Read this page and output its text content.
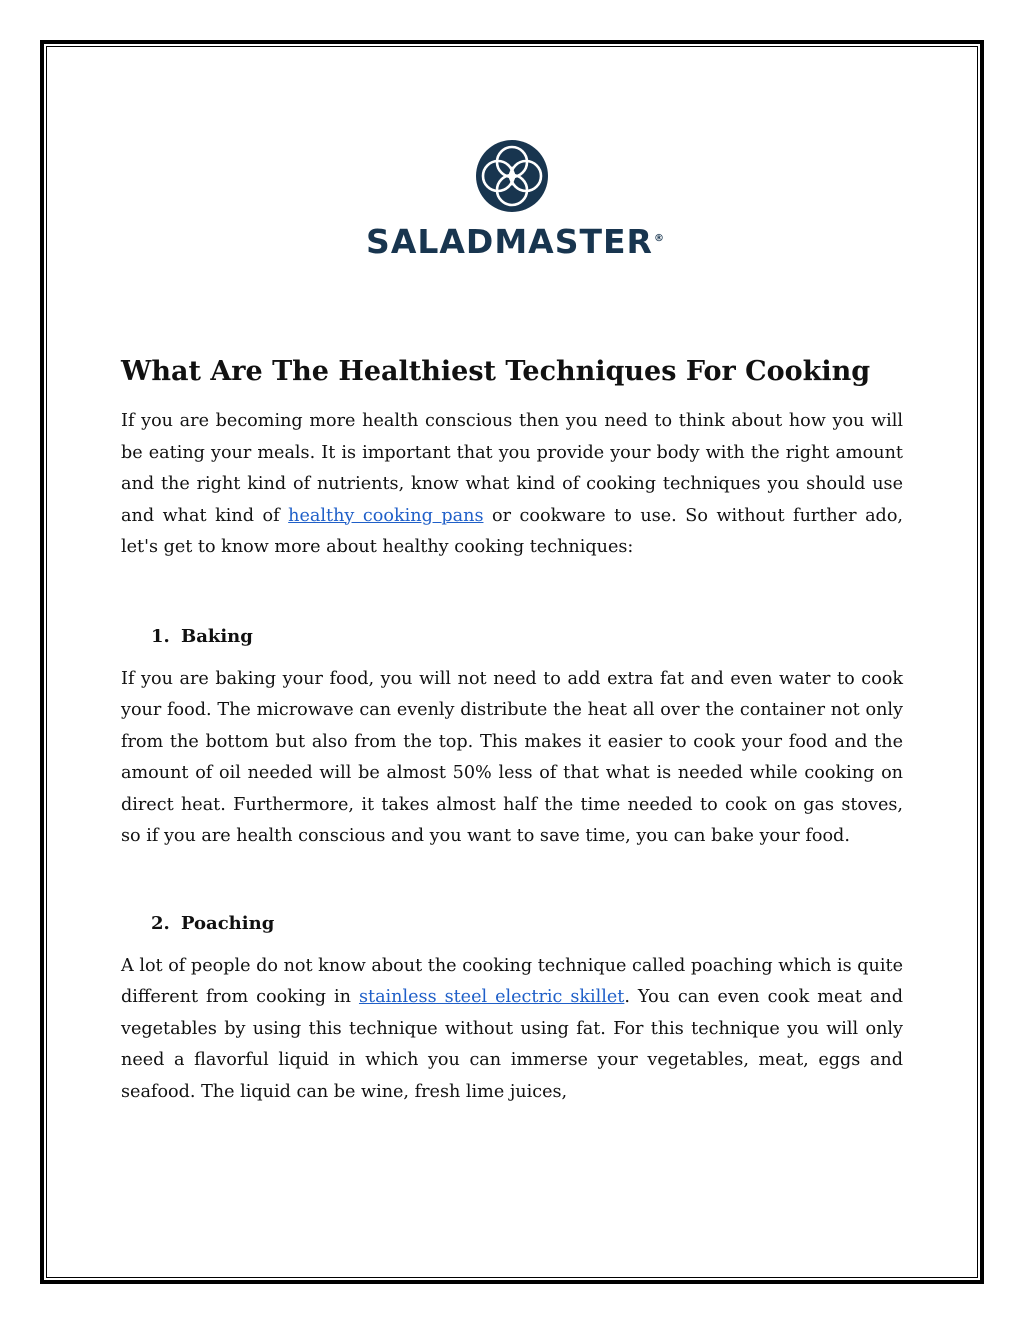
SALADMASTER®
What Are The Healthiest Techniques For Cooking

If you are becoming more health conscious then you need to think about how you will be eating your meals. It is important that you provide your body with the right amount and the right kind of nutrients, know what kind of cooking techniques you should use and what kind of healthy cooking pans or cookware to use. So without further ado, let's get to know more about healthy cooking techniques:

1. Baking

If you are baking your food, you will not need to add extra fat and even water to cook your food. The microwave can evenly distribute the heat all over the container not only from the bottom but also from the top. This makes it easier to cook your food and the amount of oil needed will be almost 50% less of that what is needed while cooking on direct heat. Furthermore, it takes almost half the time needed to cook on gas stoves, so if you are health conscious and you want to save time, you can bake your food.

2. Poaching

A lot of people do not know about the cooking technique called poaching which is quite different from cooking in stainless steel electric skillet. You can even cook meat and vegetables by using this technique without using fat. For this technique you will only need a flavorful liquid in which you can immerse your vegetables, meat, eggs and seafood. The liquid can be wine, fresh lime juices,
